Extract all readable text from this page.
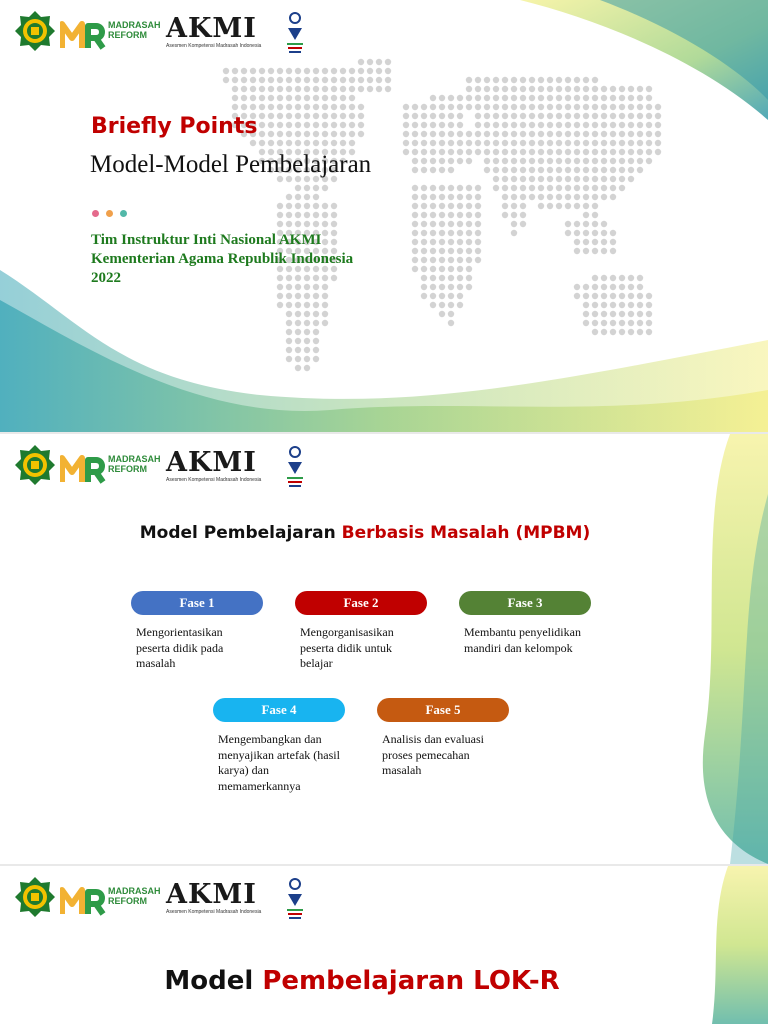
MADRASAH
REFORM AKMI
Asesmen Kompetensi Madrasah Indonesia
Briefly Points
Model-Model Pembelajaran
Tim Instruktur Inti Nasional AKMI
Kementerian Agama Republik Indonesia
2022
MADRASAH
REFORM AKMI
Asesmen Kompetensi Madrasah Indonesia
Model Pembelajaran Berbasis Masalah (MPBM)
Fase 1	Fase 2	Fase 3
Fase 4	Fase 5
Mengorientasikan peserta didik pada masalah
Mengorganisasikan peserta didik untuk belajar
Membantu penyelidikan mandiri dan kelompok
Mengembangkan dan menyajikan artefak (hasil karya) dan memamerkannya
Analisis dan evaluasi proses pemecahan masalah
MADRASAH
REFORM AKMI
Asesmen Kompetensi Madrasah Indonesia
Model Pembelajaran LOK-R
